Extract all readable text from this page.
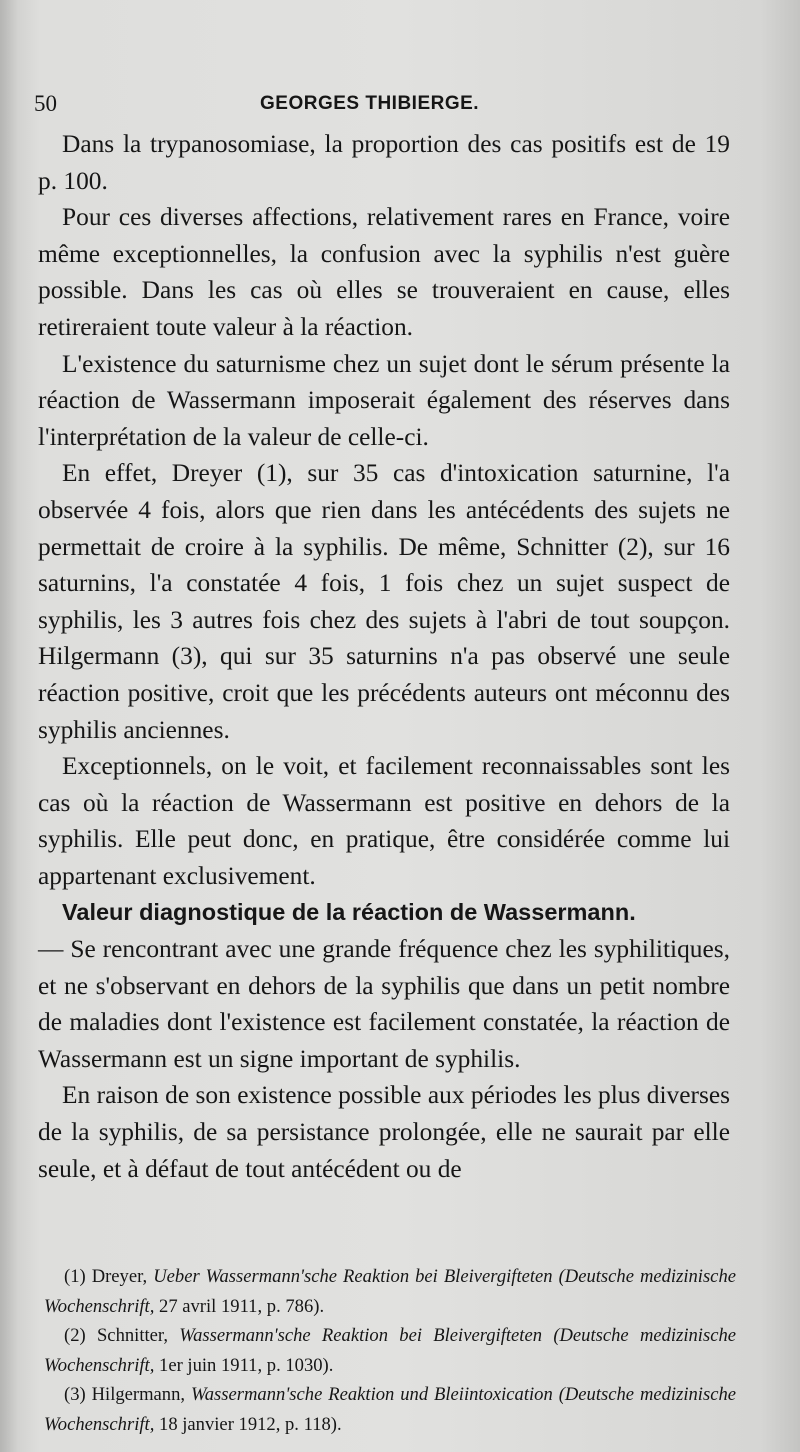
50	GEORGES THIBIERGE.

Dans la trypanosomiase, la proportion des cas positifs est de 19 p. 100.

Pour ces diverses affections, relativement rares en France, voire même exceptionnelles, la confusion avec la syphilis n'est guère possible. Dans les cas où elles se trouveraient en cause, elles retireraient toute valeur à la réaction.

L'existence du saturnisme chez un sujet dont le sérum présente la réaction de Wassermann imposerait également des réserves dans l'interprétation de la valeur de celle-ci.

En effet, Dreyer (1), sur 35 cas d'intoxication saturnine, l'a observée 4 fois, alors que rien dans les antécédents des sujets ne permettait de croire à la syphilis. De même, Schnitter (2), sur 16 saturnins, l'a constatée 4 fois, 1 fois chez un sujet suspect de syphilis, les 3 autres fois chez des sujets à l'abri de tout soupçon. Hilgermann (3), qui sur 35 saturnins n'a pas observé une seule réaction positive, croit que les précédents auteurs ont méconnu des syphilis anciennes.

Exceptionnels, on le voit, et facilement reconnaissables sont les cas où la réaction de Wassermann est positive en dehors de la syphilis. Elle peut donc, en pratique, être considérée comme lui appartenant exclusivement.

Valeur diagnostique de la réaction de Wassermann.
— Se rencontrant avec une grande fréquence chez les syphilitiques, et ne s'observant en dehors de la syphilis que dans un petit nombre de maladies dont l'existence est facilement constatée, la réaction de Wassermann est un signe important de syphilis.

En raison de son existence possible aux périodes les plus diverses de la syphilis, de sa persistance prolongée, elle ne saurait par elle seule, et à défaut de tout antécédent ou de

(1) Dreyer, Ueber Wassermann'sche Reaktion bei Bleivergifteten (Deutsche medizinische Wochenschrift, 27 avril 1911, p. 786).

(2) Schnitter, Wassermann'sche Reaktion bei Bleivergifteten (Deutsche medizinische Wochenschrift, 1er juin 1911, p. 1030).

(3) Hilgermann, Wassermann'sche Reaktion und Bleiintoxication (Deutsche medizinische Wochenschrift, 18 janvier 1912, p. 118).
